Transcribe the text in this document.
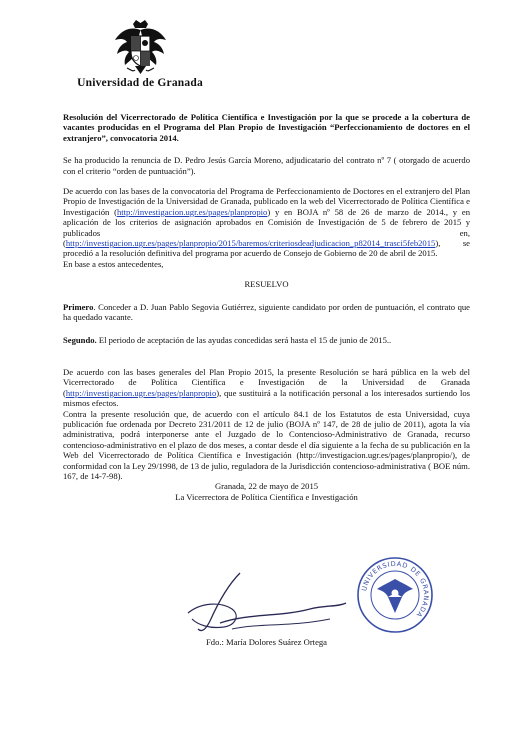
Universidad de Granada

Resolución del Vicerrectorado de Política Científica e Investigación por la que se procede a la cobertura de vacantes producidas en el Programa del Plan Propio de Investigación “Perfeccionamiento de doctores en el extranjero”, convocatoria 2014.

Se ha producido la renuncia de D. Pedro Jesús García Moreno, adjudicatario del contrato nº 7 ( otorgado de acuerdo con el criterio “orden de puntuación”).

De acuerdo con las bases de la convocatoria del Programa de Perfeccionamiento de Doctores en el extranjero del Plan Propio de Investigación de la Universidad de Granada, publicado en la web del Vicerrectorado de Política Científica e Investigación (http://investigacion.ugr.es/pages/planpropio) y en BOJA nº 58 de 26 de marzo de 2014., y en aplicación de los criterios de asignación aprobados en Comisión de Investigación de 5 de febrero de 2015 y publicados en, (http://investigacion.ugr.es/pages/planpropio/2015/baremos/criteriosdeadjudicacion_p82014_trasci5feb2015), se procedió a la resolución definitiva del programa por acuerdo de Consejo de Gobierno de 20 de abril de 2015.

En base a estos antecedentes,

RESUELVO

Primero. Conceder a D. Juan Pablo Segovia Gutiérrez, siguiente candidato por orden de puntuación, el contrato que ha quedado vacante.

Segundo. El periodo de aceptación de las ayudas concedidas será hasta el 15 de junio de 2015..

De acuerdo con las bases generales del Plan Propio 2015, la presente Resolución se hará pública en la web del Vicerrectorado de Política Científica e Investigación de la Universidad de Granada (http://investigacion.ugr.es/pages/planpropio), que sustituirá a la notificación personal a los interesados surtiendo los mismos efectos.

Contra la presente resolución que, de acuerdo con el artículo 84.1 de los Estatutos de esta Universidad, cuya publicación fue ordenada por Decreto 231/2011 de 12 de julio (BOJA nº 147, de 28 de julio de 2011), agota la vía administrativa, podrá interponerse ante el Juzgado de lo Contencioso-Administrativo de Granada, recurso contencioso-administrativo en el plazo de dos meses, a contar desde el día siguiente a la fecha de su publicación en la Web del Vicerrectorado de Política Científica e Investigación (http://investigacion.ugr.es/pages/planpropio/), de conformidad con la Ley 29/1998, de 13 de julio, reguladora de la Jurisdicción contencioso-administrativa ( BOE núm. 167, de 14-7-98).

Granada, 22 de mayo de 2015

La Vicerrectora de Política Científica e Investigación

UNIVERSIDAD DE GRANADA
Fdo.: María Dolores Suárez Ortega
